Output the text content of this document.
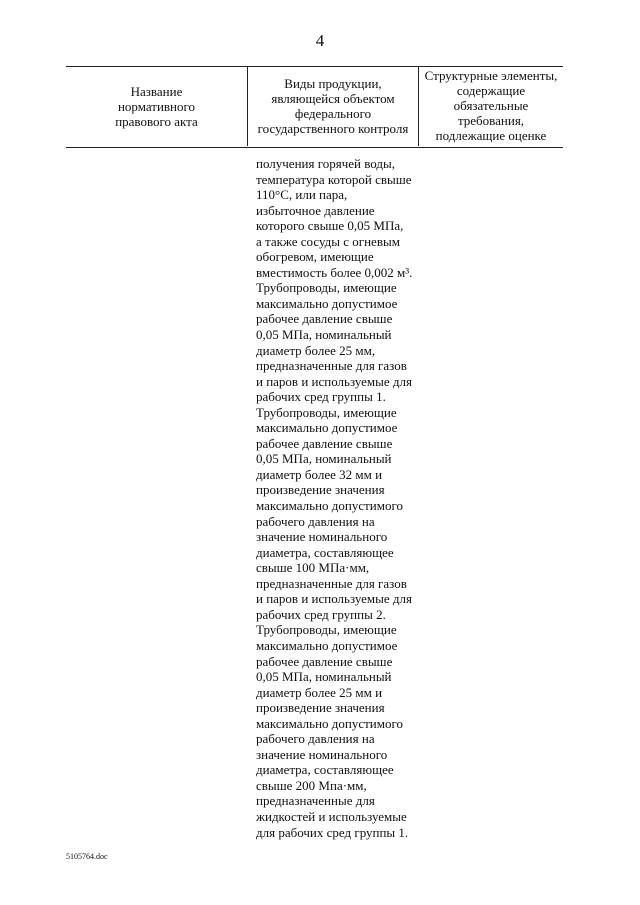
4
Название
нормативного
правового акта
Виды продукции,
являющейся объектом
федерального
государственного контроля
Структурные элементы,
содержащие
обязательные
требования,
подлежащие оценке
получения горячей воды,
температура которой свыше
110°С, или пара,
избыточное давление
которого свыше 0,05 МПа,
а также сосуды с огневым
обогревом, имеющие
вместимость более 0,002 м³.
Трубопроводы, имеющие
максимально допустимое
рабочее давление свыше
0,05 МПа, номинальный
диаметр более 25 мм,
предназначенные для газов
и паров и используемые для
рабочих сред группы 1.
Трубопроводы, имеющие
максимально допустимое
рабочее давление свыше
0,05 МПа, номинальный
диаметр более 32 мм и
произведение значения
максимально допустимого
рабочего давления на
значение номинального
диаметра, составляющее
свыше 100 МПа·мм,
предназначенные для газов
и паров и используемые для
рабочих сред группы 2.
Трубопроводы, имеющие
максимально допустимое
рабочее давление свыше
0,05 МПа, номинальный
диаметр более 25 мм и
произведение значения
максимально допустимого
рабочего давления на
значение номинального
диаметра, составляющее
свыше 200 Мпа·мм,
предназначенные для
жидкостей и используемые
для рабочих сред группы 1.
5105764.doc
